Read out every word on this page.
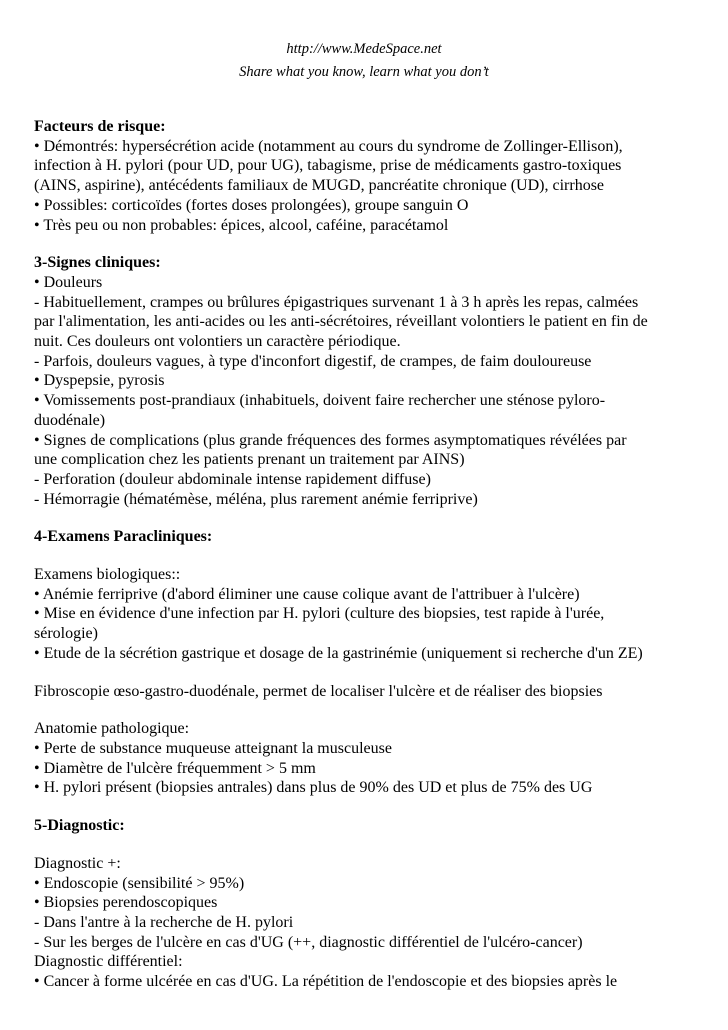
http://www.MedeSpace.net
Share what you know, learn what you don’t
Facteurs de risque:
• Démontrés: hypersécrétion acide (notamment au cours du syndrome de Zollinger-Ellison),
infection à H. pylori (pour UD, pour UG), tabagisme, prise de médicaments gastro-toxiques
(AINS, aspirine), antécédents familiaux de MUGD, pancréatite chronique (UD), cirrhose
• Possibles: corticoïdes (fortes doses prolongées), groupe sanguin O
• Très peu ou non probables: épices, alcool, caféine, paracétamol
3-Signes cliniques:
• Douleurs
- Habituellement, crampes ou brûlures épigastriques survenant 1 à 3 h après les repas, calmées
par l'alimentation, les anti-acides ou les anti-sécrétoires, réveillant volontiers le patient en fin de
nuit. Ces douleurs ont volontiers un caractère périodique.
- Parfois, douleurs vagues, à type d'inconfort digestif, de crampes, de faim douloureuse
• Dyspepsie, pyrosis
• Vomissements post-prandiaux (inhabituels, doivent faire rechercher une sténose pyloro-
duodénale)
• Signes de complications (plus grande fréquences des formes asymptomatiques révélées par
une complication chez les patients prenant un traitement par AINS)
- Perforation (douleur abdominale intense rapidement diffuse)
- Hémorragie (hématémèse, méléna, plus rarement anémie ferriprive)
4-Examens Paracliniques:
Examens biologiques::
• Anémie ferriprive (d'abord éliminer une cause colique avant de l'attribuer à l'ulcère)
• Mise en évidence d'une infection par H. pylori (culture des biopsies, test rapide à l'urée,
sérologie)
• Etude de la sécrétion gastrique et dosage de la gastrinémie (uniquement si recherche d'un ZE)
Fibroscopie œso-gastro-duodénale, permet de localiser l'ulcère et de réaliser des biopsies
Anatomie pathologique:
• Perte de substance muqueuse atteignant la musculeuse
• Diamètre de l'ulcère fréquemment > 5 mm
• H. pylori présent (biopsies antrales) dans plus de 90% des UD et plus de 75% des UG
5-Diagnostic:
Diagnostic +:
• Endoscopie (sensibilité > 95%)
• Biopsies perendoscopiques
- Dans l'antre à la recherche de H. pylori
- Sur les berges de l'ulcère en cas d'UG (++, diagnostic différentiel de l'ulcéro-cancer)
Diagnostic différentiel:
• Cancer à forme ulcérée en cas d'UG. La répétition de l'endoscopie et des biopsies après le
